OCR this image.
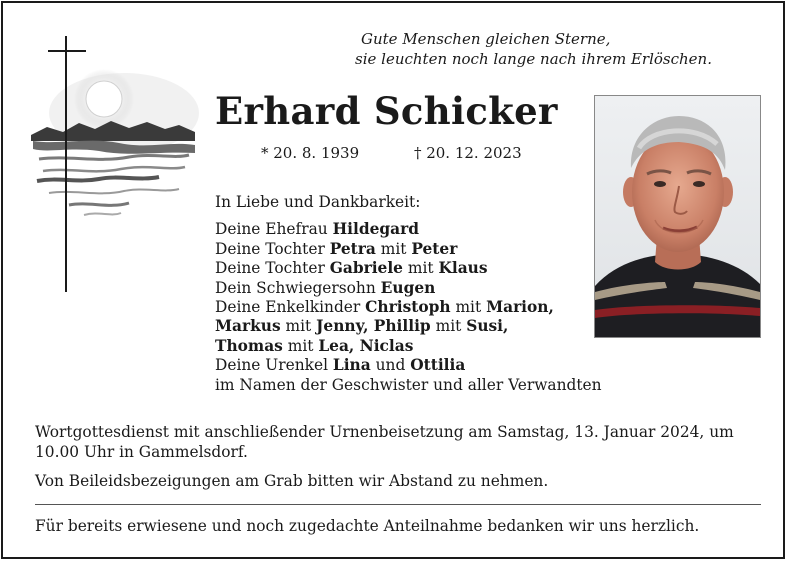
Gute Menschen gleichen Sterne,
sie leuchten noch lange nach ihrem Erlöschen.
Erhard Schicker
* 20. 8. 1939	† 20. 12. 2023
In Liebe und Dankbarkeit:
Deine Ehefrau Hildegard
Deine Tochter Petra mit Peter
Deine Tochter Gabriele mit Klaus
Dein Schwiegersohn Eugen
Deine Enkelkinder Christoph mit Marion,
Markus mit Jenny, Phillip mit Susi,
Thomas mit Lea, Niclas
Deine Urenkel Lina und Ottilia
im Namen der Geschwister und aller Verwandten

Wortgottesdienst mit anschließender Urnenbeisetzung am Samstag, 13. Januar 2024, um 10.00 Uhr in Gammelsdorf.

Von Beileidsbezeigungen am Grab bitten wir Abstand zu nehmen.

Für bereits erwiesene und noch zugedachte Anteilnahme bedanken wir uns herzlich.
